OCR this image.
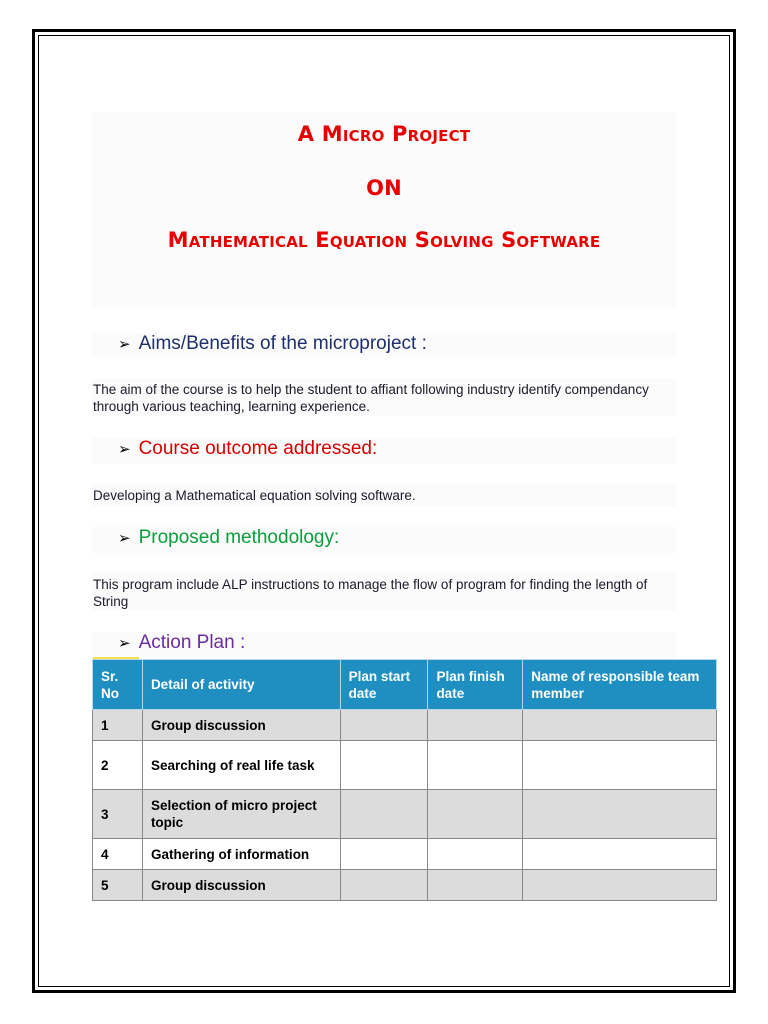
A Micro Project
ON
Mathematical Equation Solving Software
➢ Aims/Benefits of the microproject :
The aim of the course is to help the student to affiant following industry identify compendancy through various teaching, learning experience.
➢ Course outcome addressed:
Developing a Mathematical equation solving software.
➢ Proposed methodology:
This program include ALP instructions to manage the flow of program for finding the length of String
➢ Action Plan :
Sr. No	Detail of activity	Plan start date	Plan finish date	Name of responsible team member
1	Group discussion			
2	Searching of real life task			
3	Selection of micro project topic			
4	Gathering of information			
5	Group discussion			
